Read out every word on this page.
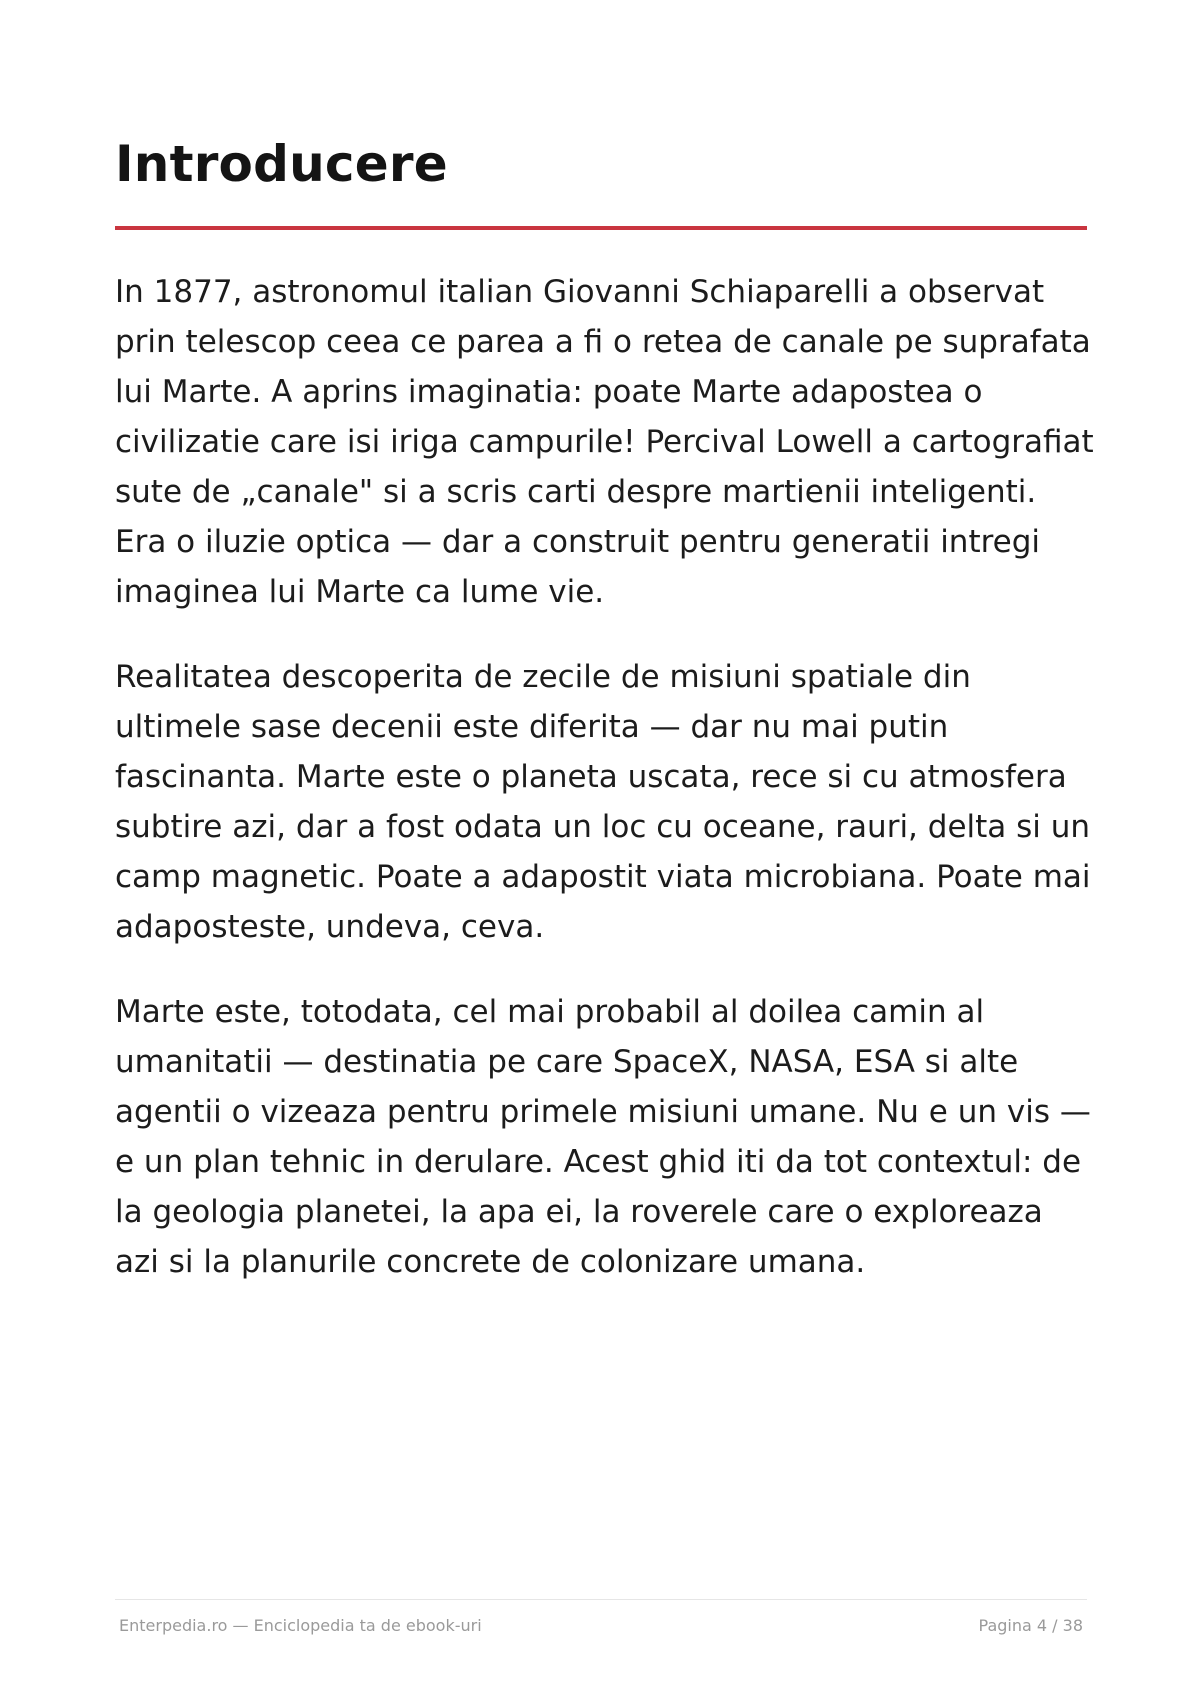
Introducere

In 1877, astronomul italian Giovanni Schiaparelli a observat prin telescop ceea ce parea a fi o retea de canale pe suprafata lui Marte. A aprins imaginatia: poate Marte adapostea o civilizatie care isi iriga campurile! Percival Lowell a cartografiat sute de „canale" si a scris carti despre martienii inteligenti. Era o iluzie optica — dar a construit pentru generatii intregi imaginea lui Marte ca lume vie.

Realitatea descoperita de zecile de misiuni spatiale din ultimele sase decenii este diferita — dar nu mai putin fascinanta. Marte este o planeta uscata, rece si cu atmosfera subtire azi, dar a fost odata un loc cu oceane, rauri, delta si un camp magnetic. Poate a adapostit viata microbiana. Poate mai adaposteste, undeva, ceva.

Marte este, totodata, cel mai probabil al doilea camin al umanitatii — destinatia pe care SpaceX, NASA, ESA si alte agentii o vizeaza pentru primele misiuni umane. Nu e un vis — e un plan tehnic in derulare. Acest ghid iti da tot contextul: de la geologia planetei, la apa ei, la roverele care o exploreaza azi si la planurile concrete de colonizare umana.

Enterpedia.ro — Enciclopedia ta de ebook-uri	Pagina 4 / 38
